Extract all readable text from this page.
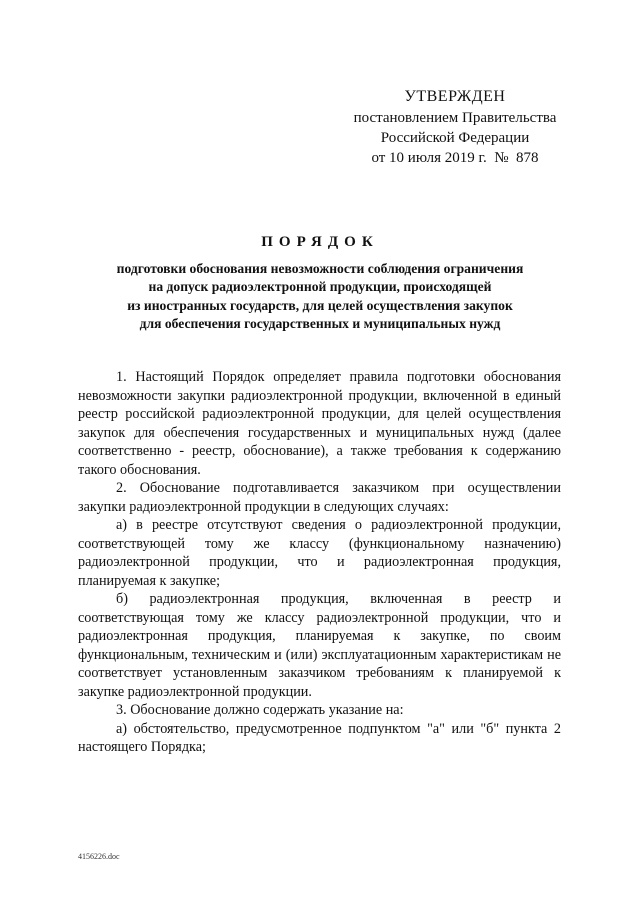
УТВЕРЖДЕН
постановлением Правительства
Российской Федерации
от 10 июля 2019 г.  №  878
ПОРЯДОК
подготовки обоснования невозможности соблюдения ограничения
на допуск радиоэлектронной продукции, происходящей
из иностранных государств, для целей осуществления закупок
для обеспечения государственных и муниципальных нужд

1. Настоящий Порядок определяет правила подготовки обоснования невозможности закупки радиоэлектронной продукции, включенной в единый реестр российской радиоэлектронной продукции, для целей осуществления закупок для обеспечения государственных и муниципальных нужд (далее соответственно - реестр, обоснование), а также требования к содержанию такого обоснования.

2. Обоснование подготавливается заказчиком при осуществлении закупки радиоэлектронной продукции в следующих случаях:

а) в реестре отсутствуют сведения о радиоэлектронной продукции, соответствующей тому же классу (функциональному назначению) радиоэлектронной продукции, что и радиоэлектронная продукция, планируемая к закупке;

б) радиоэлектронная продукция, включенная в реестр и соответствующая тому же классу радиоэлектронной продукции, что и радиоэлектронная продукция, планируемая к закупке, по своим функциональным, техническим и (или) эксплуатационным характеристикам не соответствует установленным заказчиком требованиям к планируемой к закупке радиоэлектронной продукции.

3. Обоснование должно содержать указание на:

а) обстоятельство, предусмотренное подпунктом "а" или "б" пункта 2 настоящего Порядка;

4156226.doc
